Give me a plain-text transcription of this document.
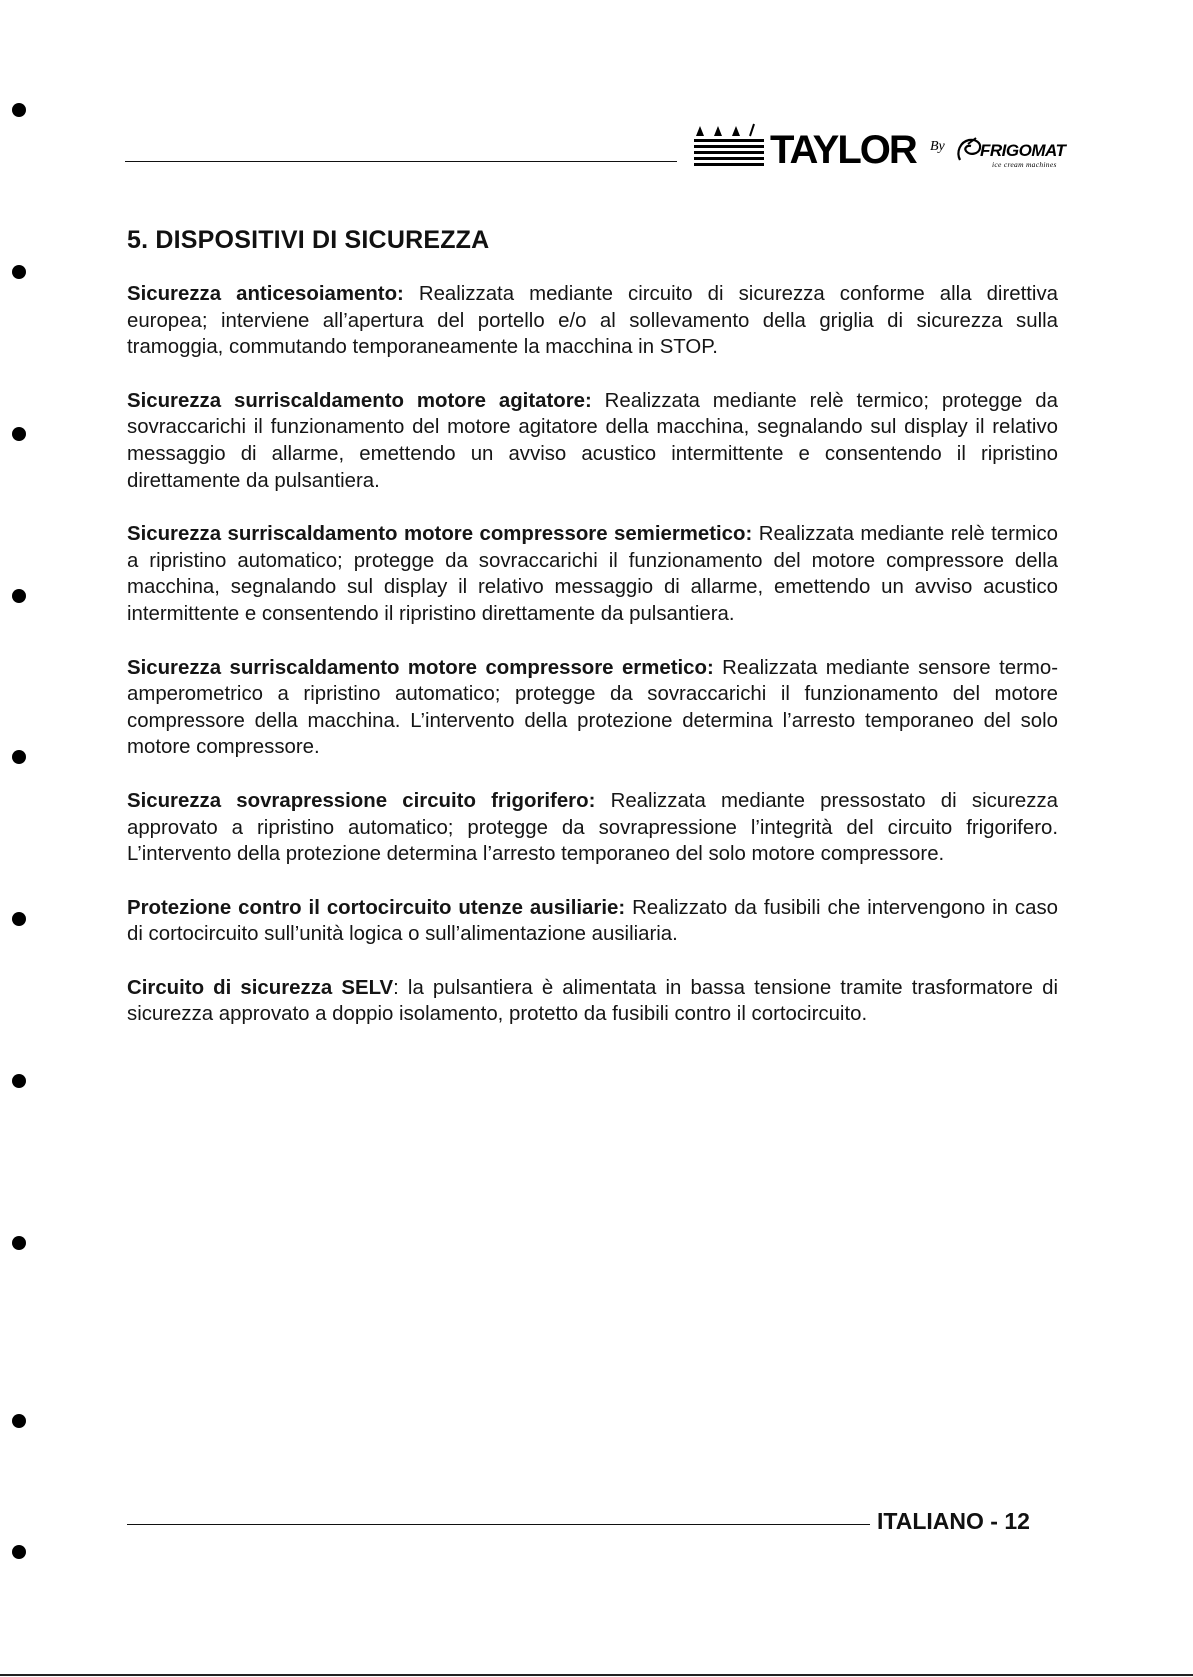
TAYLOR By FRIGOMAT
ice cream machines
5. DISPOSITIVI DI SICUREZZA

Sicurezza anticesoiamento: Realizzata mediante circuito di sicurezza conforme alla direttiva europea; interviene all’apertura del portello e/o al sollevamento della griglia di sicurezza sulla tramoggia, commutando temporaneamente la macchina in STOP.

Sicurezza surriscaldamento motore agitatore: Realizzata mediante relè termico; protegge da sovraccarichi il funzionamento del motore agitatore della macchina, segnalando sul display il relativo messaggio di allarme, emettendo un avviso acustico intermittente e consentendo il ripristino direttamente da pulsantiera.

Sicurezza surriscaldamento motore compressore semiermetico: Realizzata mediante relè termico a ripristino automatico; protegge da sovraccarichi il funzionamento del motore compressore della macchina, segnalando sul display il relativo messaggio di allarme, emettendo un avviso acustico intermittente e consentendo il ripristino direttamente da pulsantiera.

Sicurezza surriscaldamento motore compressore ermetico: Realizzata mediante sensore termo-amperometrico a ripristino automatico; protegge da sovraccarichi il funzionamento del motore compressore della macchina. L’intervento della protezione determina l’arresto temporaneo del solo motore compressore.

Sicurezza sovrapressione circuito frigorifero: Realizzata mediante pressostato di sicurezza approvato a ripristino automatico; protegge da sovrapressione l’integrità del circuito frigorifero. L’intervento della protezione determina l’arresto temporaneo del solo motore compressore.

Protezione contro il cortocircuito utenze ausiliarie: Realizzato da fusibili che intervengono in caso di cortocircuito sull’unità logica o sull’alimentazione ausiliaria.

Circuito di sicurezza SELV: la pulsantiera è alimentata in bassa tensione tramite trasformatore di sicurezza approvato a doppio isolamento, protetto da fusibili contro il cortocircuito.

ITALIANO - 12
